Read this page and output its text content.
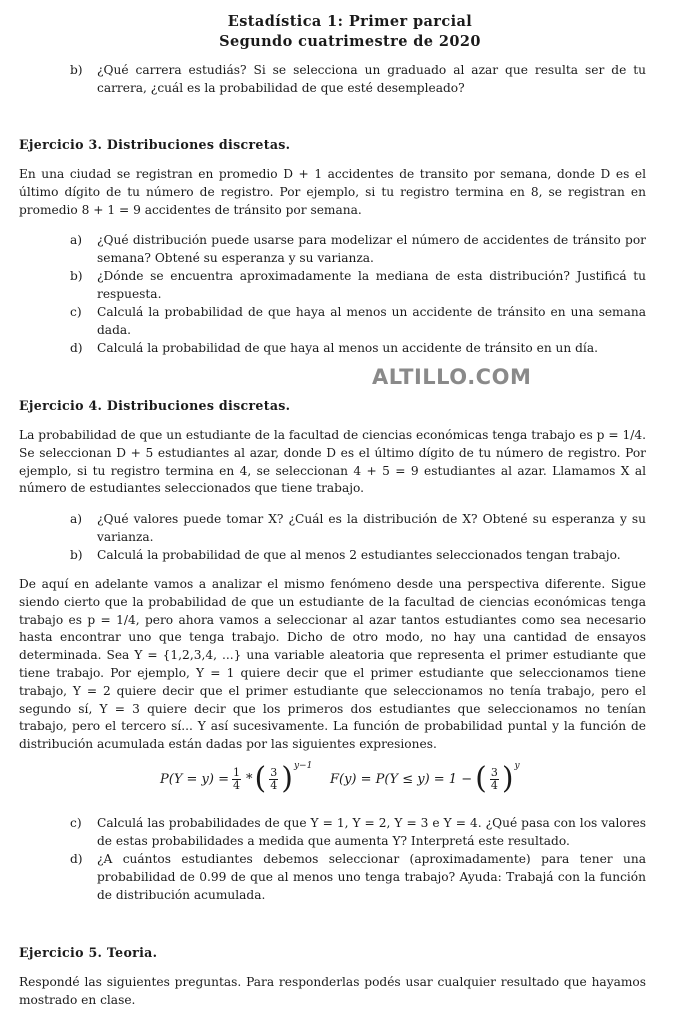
Estadística 1: Primer parcial
Segundo cuatrimestre de 2020
b)	¿Qué carrera estudiás? Si se selecciona un graduado al azar que resulta ser de tu carrera, ¿cuál es la probabilidad de que esté desempleado?
Ejercicio 3. Distribuciones discretas.
En una ciudad se registran en promedio D + 1 accidentes de transito por semana, donde D es el último dígito de tu número de registro. Por ejemplo, si tu registro termina en 8, se registran en promedio 8 + 1 = 9 accidentes de tránsito por semana.
a)	¿Qué distribución puede usarse para modelizar el número de accidentes de tránsito por semana? Obtené su esperanza y su varianza.
b)	¿Dónde se encuentra aproximadamente la mediana de esta distribución? Justificá tu respuesta.
c)	Calculá la probabilidad de que haya al menos un accidente de tránsito en una semana dada.
d)	Calculá la probabilidad de que haya al menos un accidente de tránsito en un día.
ALTILLO.COM
Ejercicio 4. Distribuciones discretas.
La probabilidad de que un estudiante de la facultad de ciencias económicas tenga trabajo es p = 1/4. Se seleccionan D + 5 estudiantes al azar, donde D es el último dígito de tu número de registro. Por ejemplo, si tu registro termina en 4, se seleccionan 4 + 5 = 9 estudiantes al azar. Llamamos X al número de estudiantes seleccionados que tiene trabajo.
a)	¿Qué valores puede tomar X? ¿Cuál es la distribución de X? Obtené su esperanza y su varianza.
b)	Calculá la probabilidad de que al menos 2 estudiantes seleccionados tengan trabajo.
De aquí en adelante vamos a analizar el mismo fenómeno desde una perspectiva diferente. Sigue siendo cierto que la probabilidad de que un estudiante de la facultad de ciencias económicas tenga trabajo es p = 1/4, pero ahora vamos a seleccionar al azar tantos estudiantes como sea necesario hasta encontrar uno que tenga trabajo. Dicho de otro modo, no hay una cantidad de ensayos determinada. Sea Y = {1,2,3,4, ...} una variable aleatoria que representa el primer estudiante que tiene trabajo. Por ejemplo, Y = 1 quiere decir que el primer estudiante que seleccionamos tiene trabajo, Y = 2 quiere decir que el primer estudiante que seleccionamos no tenía trabajo, pero el segundo sí, Y = 3 quiere decir que los primeros dos estudiantes que seleccionamos no tenían trabajo, pero el tercero sí... Y así sucesivamente. La función de probabilidad puntal y la función de distribución acumulada están dadas por las siguientes expresiones.
$P(Y = y) = \frac{1}{4}$ * ( $\frac{3}{4}$ ) y−1
F(y) = P(Y ≤ y) = 1 − ( $\frac{3}{4}$ ) y
c)	Calculá las probabilidades de que Y = 1, Y = 2, Y = 3 e Y = 4. ¿Qué pasa con los valores de estas probabilidades a medida que aumenta Y? Interpretá este resultado.
d)	¿A cuántos estudiantes debemos seleccionar (aproximadamente) para tener una probabilidad de 0.99 de que al menos uno tenga trabajo? Ayuda: Trabajá con la función de distribución acumulada.
Ejercicio 5. Teoria.
Respondé las siguientes preguntas. Para responderlas podés usar cualquier resultado que hayamos mostrado en clase.
